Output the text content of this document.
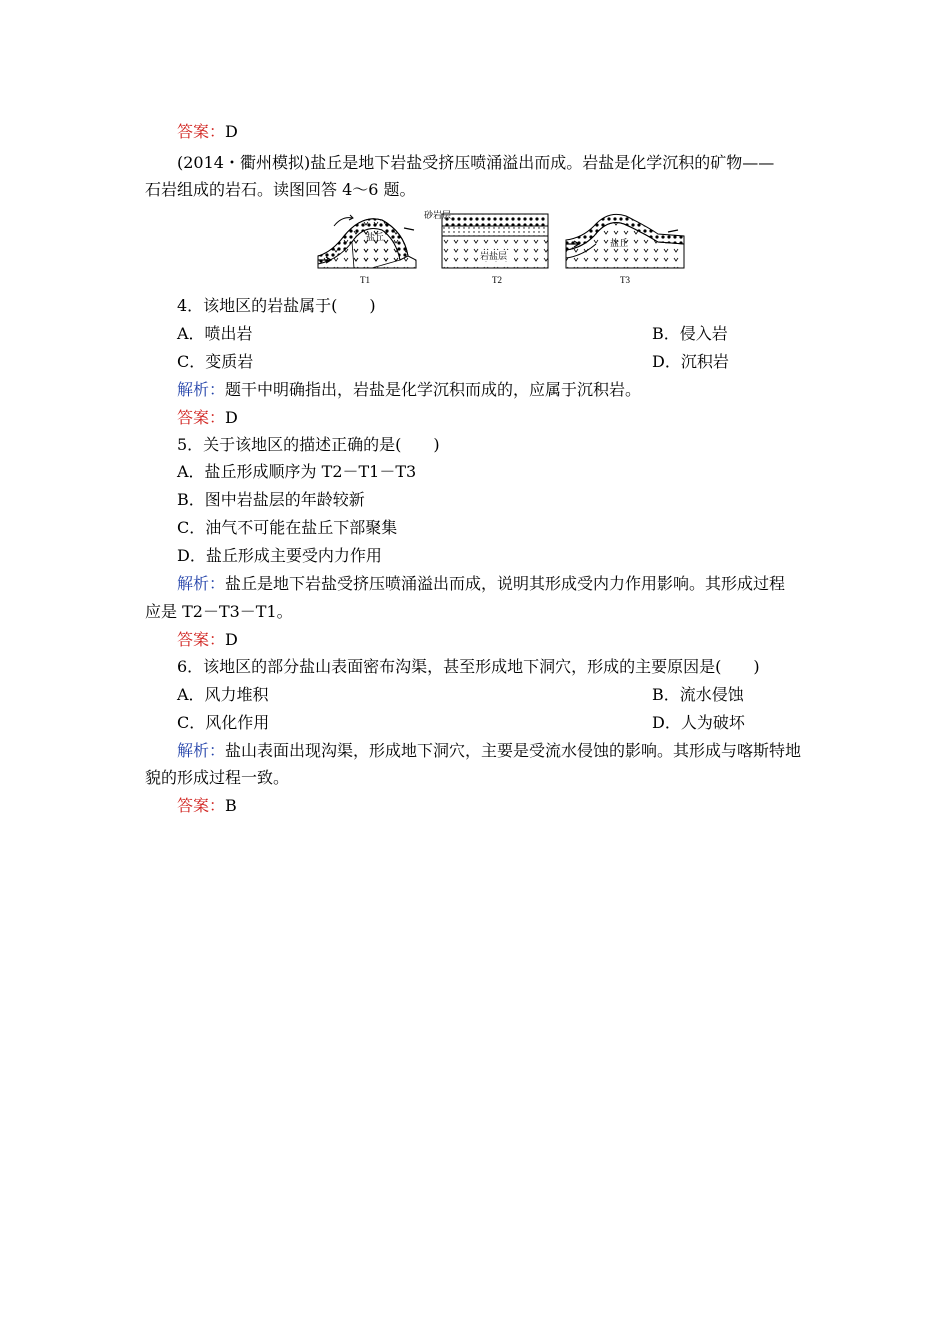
答案：D
(2014・衢州模拟)盐丘是地下岩盐受挤压喷涌溢出而成。岩盐是化学沉积的矿物——
石岩组成的岩石。读图回答 4～6 题。
盐丘
T1
砂岩层
岩盐层
T2
盐丘
T3
4．该地区的岩盐属于(　　)
A．喷出岩	B．侵入岩
C．变质岩	D．沉积岩
解析：题干中明确指出，岩盐是化学沉积而成的，应属于沉积岩。
答案：D
5．关于该地区的描述正确的是(　　)
A．盐丘形成顺序为 T2－T1－T3
B．图中岩盐层的年龄较新
C．油气不可能在盐丘下部聚集
D．盐丘形成主要受内力作用
解析：盐丘是地下岩盐受挤压喷涌溢出而成，说明其形成受内力作用影响。其形成过程
应是 T2－T3－T1。
答案：D
6．该地区的部分盐山表面密布沟渠，甚至形成地下洞穴，形成的主要原因是(　　)
A．风力堆积	B．流水侵蚀
C．风化作用	D．人为破坏
解析：盐山表面出现沟渠，形成地下洞穴，主要是受流水侵蚀的影响。其形成与喀斯特地
貌的形成过程一致。
答案：B
